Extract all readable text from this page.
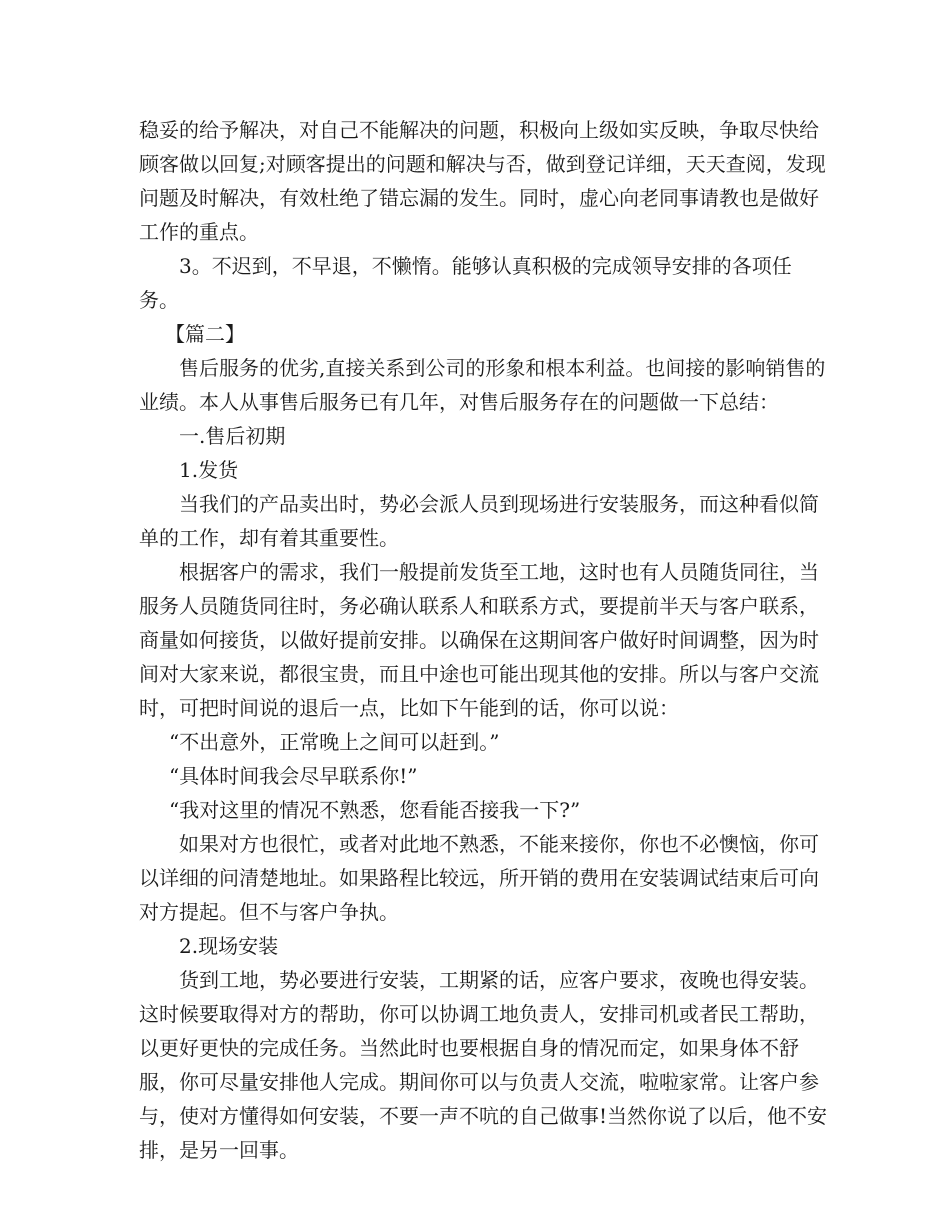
稳妥的给予解决，对自己不能解决的问题，积极向上级如实反映，争取尽快给顾客做以回复;对顾客提出的问题和解决与否，做到登记详细，天天查阅，发现问题及时解决，有效杜绝了错忘漏的发生。同时，虚心向老同事请教也是做好工作的重点。

3。不迟到，不早退，不懒惰。能够认真积极的完成领导安排的各项任务。

【篇二】

售后服务的优劣,直接关系到公司的形象和根本利益。也间接的影响销售的业绩。本人从事售后服务已有几年，对售后服务存在的问题做一下总结：

一.售后初期

1.发货

当我们的产品卖出时，势必会派人员到现场进行安装服务，而这种看似简单的工作，却有着其重要性。

根据客户的需求，我们一般提前发货至工地，这时也有人员随货同往，当服务人员随货同往时，务必确认联系人和联系方式，要提前半天与客户联系，商量如何接货，以做好提前安排。以确保在这期间客户做好时间调整，因为时间对大家来说，都很宝贵，而且中途也可能出现其他的安排。所以与客户交流时，可把时间说的退后一点，比如下午能到的话，你可以说：

“不出意外，正常晚上之间可以赶到。”

“具体时间我会尽早联系你!”

“我对这里的情况不熟悉，您看能否接我一下?”

如果对方也很忙，或者对此地不熟悉，不能来接你，你也不必懊恼，你可以详细的问清楚地址。如果路程比较远，所开销的费用在安装调试结束后可向对方提起。但不与客户争执。

2.现场安装

货到工地，势必要进行安装，工期紧的话，应客户要求，夜晚也得安装。这时候要取得对方的帮助，你可以协调工地负责人，安排司机或者民工帮助，以更好更快的完成任务。当然此时也要根据自身的情况而定，如果身体不舒服，你可尽量安排他人完成。期间你可以与负责人交流，啦啦家常。让客户参与，使对方懂得如何安装，不要一声不吭的自己做事!当然你说了以后，他不安排，是另一回事。
